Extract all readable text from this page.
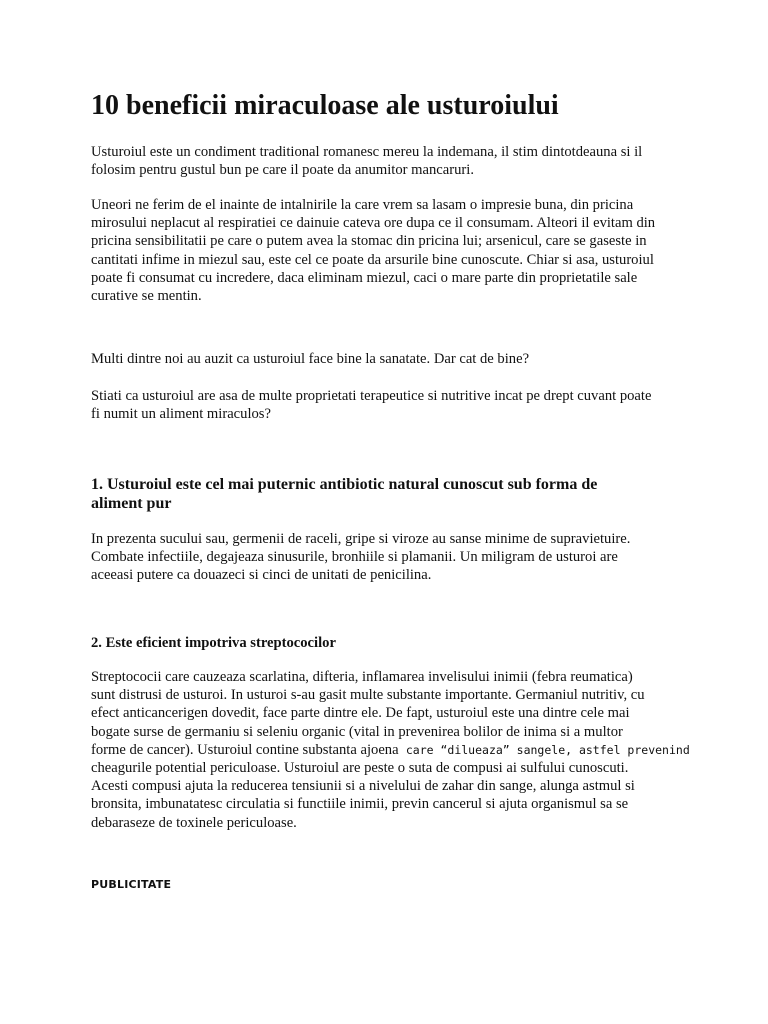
10 beneficii miraculoase ale usturoiului

Usturoiul este un condiment traditional romanesc mereu la indemana, il stim dintotdeauna si il
folosim pentru gustul bun pe care il poate da anumitor mancaruri.

Uneori ne ferim de el inainte de intalnirile la care vrem sa lasam o impresie buna, din pricina
mirosului neplacut al respiratiei ce dainuie cateva ore dupa ce il consumam. Alteori il evitam din
pricina sensibilitatii pe care o putem avea la stomac din pricina lui; arsenicul, care se gaseste in
cantitati infime in miezul sau, este cel ce poate da arsurile bine cunoscute. Chiar si asa, usturoiul
poate fi consumat cu incredere, daca eliminam miezul, caci o mare parte din proprietatile sale
curative se mentin.

Multi dintre noi au auzit ca usturoiul face bine la sanatate. Dar cat de bine?

Stiati ca usturoiul are asa de multe proprietati terapeutice si nutritive incat pe drept cuvant poate
fi numit un aliment miraculos?

1. Usturoiul este cel mai puternic antibiotic natural cunoscut sub forma de
aliment pur

In prezenta sucului sau, germenii de raceli, gripe si viroze au sanse minime de supravietuire.
Combate infectiile, degajeaza sinusurile, bronhiile si plamanii. Un miligram de usturoi are
aceeasi putere ca douazeci si cinci de unitati de penicilina.

2. Este eficient impotriva streptococilor

Streptococii care cauzeaza scarlatina, difteria, inflamarea invelisului inimii (febra reumatica)
sunt distrusi de usturoi. In usturoi s-au gasit multe substante importante. Germaniul nutritiv, cu
efect anticancerigen dovedit, face parte dintre ele. De fapt, usturoiul este una dintre cele mai
bogate surse de germaniu si seleniu organic (vital in prevenirea bolilor de inima si a multor
forme de cancer). Usturoiul contine substanta ajoena care “dilueaza” sangele, astfel prevenind
cheagurile potential periculoase. Usturoiul are peste o suta de compusi ai sulfului cunoscuti.
Acesti compusi ajuta la reducerea tensiunii si a nivelului de zahar din sange, alunga astmul si
bronsita, imbunatatesc circulatia si functiile inimii, previn cancerul si ajuta organismul sa se
debaraseze de toxinele periculoase.

PUBLICITATE
